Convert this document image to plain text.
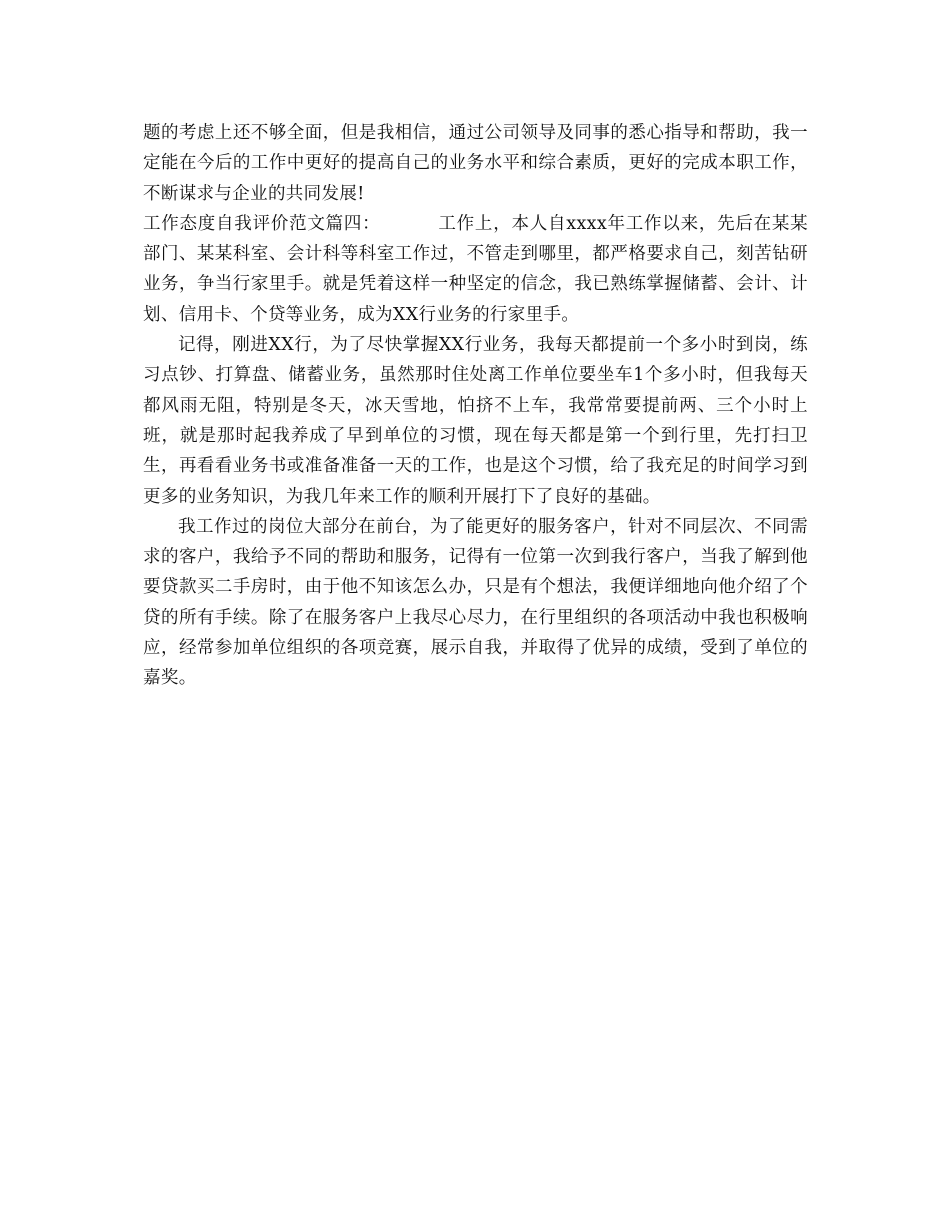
题的考虑上还不够全面，但是我相信，通过公司领导及同事的悉心指导和帮助，我一定能在今后的工作中更好的提高自己的业务水平和综合素质，更好的完成本职工作，不断谋求与企业的共同发展!

工作态度自我评价范文篇四：	工作上，本人自xxxx年工作以来，先后在某某部门、某某科室、会计科等科室工作过，不管走到哪里，都严格要求自己，刻苦钻研业务，争当行家里手。就是凭着这样一种坚定的信念，我已熟练掌握储蓄、会计、计划、信用卡、个贷等业务，成为XX行业务的行家里手。

记得，刚进XX行，为了尽快掌握XX行业务，我每天都提前一个多小时到岗，练习点钞、打算盘、储蓄业务，虽然那时住处离工作单位要坐车1个多小时，但我每天都风雨无阻，特别是冬天，冰天雪地，怕挤不上车，我常常要提前两、三个小时上班，就是那时起我养成了早到单位的习惯，现在每天都是第一个到行里，先打扫卫生，再看看业务书或准备准备一天的工作，也是这个习惯，给了我充足的时间学习到更多的业务知识，为我几年来工作的顺利开展打下了良好的基础。

我工作过的岗位大部分在前台，为了能更好的服务客户，针对不同层次、不同需求的客户，我给予不同的帮助和服务，记得有一位第一次到我行客户，当我了解到他要贷款买二手房时，由于他不知该怎么办，只是有个想法，我便详细地向他介绍了个贷的所有手续。除了在服务客户上我尽心尽力，在行里组织的各项活动中我也积极响应，经常参加单位组织的各项竞赛，展示自我，并取得了优异的成绩，受到了单位的嘉奖。
